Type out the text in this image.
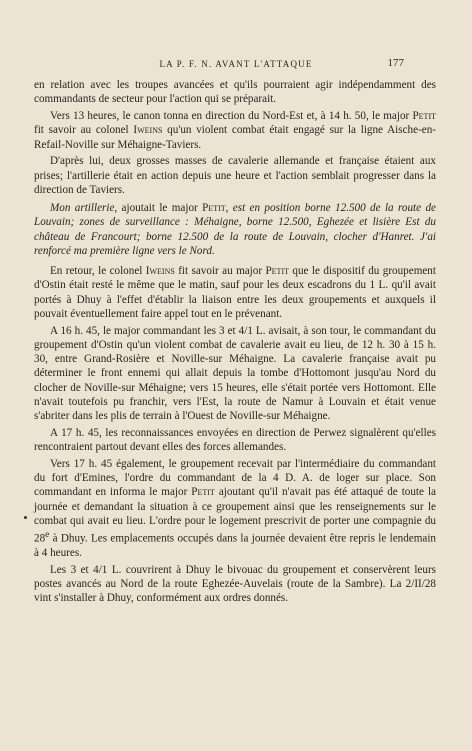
LA P. F. N. AVANT L'ATTAQUE	177

en relation avec les troupes avancées et qu'ils pourraient agir indépendamment des commandants de secteur pour l'action qui se préparait.

Vers 13 heures, le canon tonna en direction du Nord-Est et, à 14 h. 50, le major Petit fit savoir au colonel Iweins qu'un violent combat était engagé sur la ligne Aische-en-Refail-Noville sur Méhaigne-Taviers.

D'après lui, deux grosses masses de cavalerie allemande et française étaient aux prises; l'artillerie était en action depuis une heure et l'action semblait progresser dans la direction de Taviers.

Mon artillerie, ajoutait le major Petit, est en position borne 12.500 de la route de Louvain; zones de surveillance : Méhaigne, borne 12.500, Eghezée et lisière Est du château de Francourt; borne 12.500 de la route de Louvain, clocher d'Hanret. J'ai renforcé ma première ligne vers le Nord.

En retour, le colonel Iweins fit savoir au major Petit que le dispositif du groupement d'Ostin était resté le même que le matin, sauf pour les deux escadrons du 1 L. qu'il avait portés à Dhuy à l'effet d'établir la liaison entre les deux groupements et auxquels il pouvait éventuellement faire appel tout en le prévenant.

A 16 h. 45, le major commandant les 3 et 4/1 L. avisait, à son tour, le commandant du groupement d'Ostin qu'un violent combat de cavalerie avait eu lieu, de 12 h. 30 à 15 h. 30, entre Grand-Rosière et Noville-sur Méhaigne. La cavalerie française avait pu déterminer le front ennemi qui allait depuis la tombe d'Hottomont jusqu'au Nord du clocher de Noville-sur Méhaigne; vers 15 heures, elle s'était portée vers Hottomont. Elle n'avait toutefois pu franchir, vers l'Est, la route de Namur à Louvain et était venue s'abriter dans les plis de terrain à l'Ouest de Noville-sur Méhaigne.

A 17 h. 45, les reconnaissances envoyées en direction de Perwez signalèrent qu'elles rencontraient partout devant elles des forces allemandes.

Vers 17 h. 45 également, le groupement recevait par l'intermédiaire du commandant du fort d'Emines, l'ordre du commandant de la 4 D. A. de loger sur place. Son commandant en informa le major Petit ajoutant qu'il n'avait pas été attaqué de toute la journée et demandant la situation à ce groupement ainsi que les renseignements sur le combat qui avait eu lieu. L'ordre pour le logement prescrivit de porter une compagnie du 28e à Dhuy. Les emplacements occupés dans la journée devaient être repris le lendemain à 4 heures.

Les 3 et 4/1 L. couvrirent à Dhuy le bivouac du groupement et conservèrent leurs postes avancés au Nord de la route Eghezée-Auvelais (route de la Sambre). La 2/II/28 vint s'installer à Dhuy, conformément aux ordres donnés.
